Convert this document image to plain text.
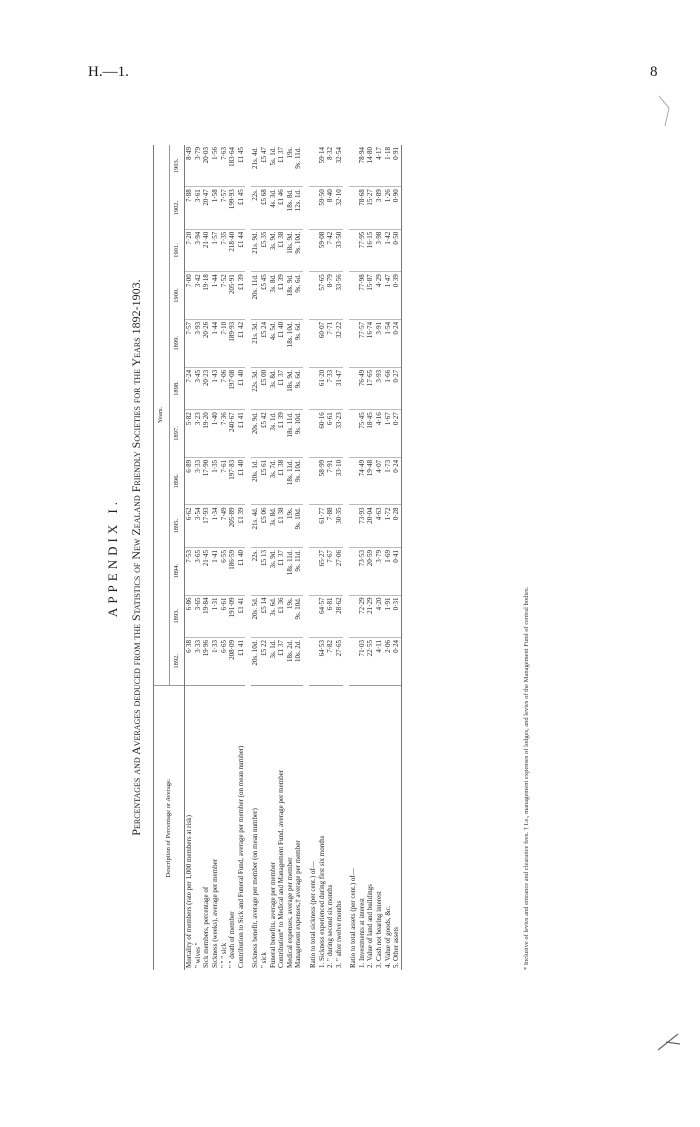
H.—1.	8
APPENDIX I. Percentages and Averages deduced from the Statistics of New Zealand Friendly Societies for the Years 1892-1903.	Description of Percentage or Average.	Years.											
	1892.	1893.	1894.	1895.	1896.	1897.	1898.	1899.	1900.	1901.	1902.	1903.
Mortality of members (rate per 1,000 members at risk)	6·38	6·86	7·53	6·62	6·89	5·82	7·24	7·57	7·00	7·20	7·88	8·49
" wives "	3·33	3·65	3·65	3·54	3·33	3·23	3·45	3·93	3·42	3·94	3·61	3·79
Sick members, percentage of	19·96	19·84	21·45	17·93	17·90	19·20	20·23	20·26	19·18	21·40	20·47	20·03
Sickness (weeks), average per member	1·33	1·31	1·41	1·34	1·35	1·40	1·43	1·44	1·44	1·57	1·58	1·56
" " " sick	6·65	6·61	6·55	7·49	7·61	7·36	7·06	7·10	7·52	7·35	7·57	7·63
" " death of member	208·09	191·09	186·59	205·89	197·83	240·67	197·08	189·93	205·91	218·40	199·93	183·64
Contribution to Sick and Funeral Fund, average per member (on mean number)	£1 41	£1 41	£1 40	£1 39	£1 40	£1 41	£1 40	£1 42	£1 39	£1 44	£1 45	£1 45

Sickness benefit, average per member (on mean number)	20s. 10d.	20s. 5d.	22s.	21s. 4d.	20s. 1d.	20s. 9d.	22s. 3d.	21s. 3d.	20s. 11d.	21s. 9d.	22s.	21s. 4d.
" sick	£5 22	£5 14	£5 13	£5 06	£5 61	£5 42	£5 00	£5 24	£5 45	£5 35	£5 68	£5 47
Funeral benefits, average per member	3s. 1d.	3s. 6d.	3s. 9d.	3s. 8d.	3s. 7d.	3s. 1d.	3s. 8d.	4s. 5d.	3s. 8d.	3s. 9d.	4s. 3d.	5s. 1d.
Contribution* to Medical and Management Fund, average per member	£1 37	£1 36	£1 37	£1 38	£1 38	£1 39	£1 37	£1 40	£1 39	£1 38	£1 46	£1 37
Medical expenses, average per member	18s. 2d.	19s.	18s. 11d.	19s.	18s. 11d.	18s. 11d.	18s. 9d.	18s. 10d.	18s. 9d.	18s. 9d.	18s. 8d.	19s.
Management expenses,† average per member	10s. 2d.	9s. 10d.	9s. 11d.	9s. 10d.	9s. 10d.	9s. 10d.	9s. 6d.	9s. 6d.	9s. 6d.	9s. 10d.	12s. 1d.	9s. 11d.

Ratio to total sickness (per cent.) of—												
1. Sickness experienced during first six months	64·53	64·57	65·27	61·77	58·99	60·16	61·20	60·07	57·65	59·08	59·50	59·14
2. " during second six months	7·82	6·81	7·67	7·88	7·91	6·61	7·33	7·71	8·79	7·42	8·40	8·32
3. " after twelve months	27·65	28·62	27·06	30·35	33·10	33·23	31·47	32·22	33·56	33·50	32·10	32·54

Ratio to total assets (per cent.) of—												
1. Investments at interest	71·03	72·29	73·53	73·93	74·49	75·45	76·49	77·57	77·98	77·95	78·68	78·94
2. Value of land and buildings	22·55	21·29	20·59	20·04	19·48	18·45	17·65	16·74	15·87	16·15	15·27	14·80
3. Cash not bearing interest	4·11	4·20	3·79	4·63	4·07	4·16	3·93	3·91	4·29	3·98	3·89	4·17
4. Value of goods, &c.	2·06	1·91	1·69	1·72	1·73	1·67	1·66	1·54	1·47	1·42	1·26	1·18
5. Other assets	0·24	0·31	0·41	0·28	0·24	0·27	0·27	0·24	0·39	0·50	0·90	0·91
* Inclusive of levies and entrance and clearance fees. † I.e., management expenses of lodges, and levies of the Management Fund of central bodies.
